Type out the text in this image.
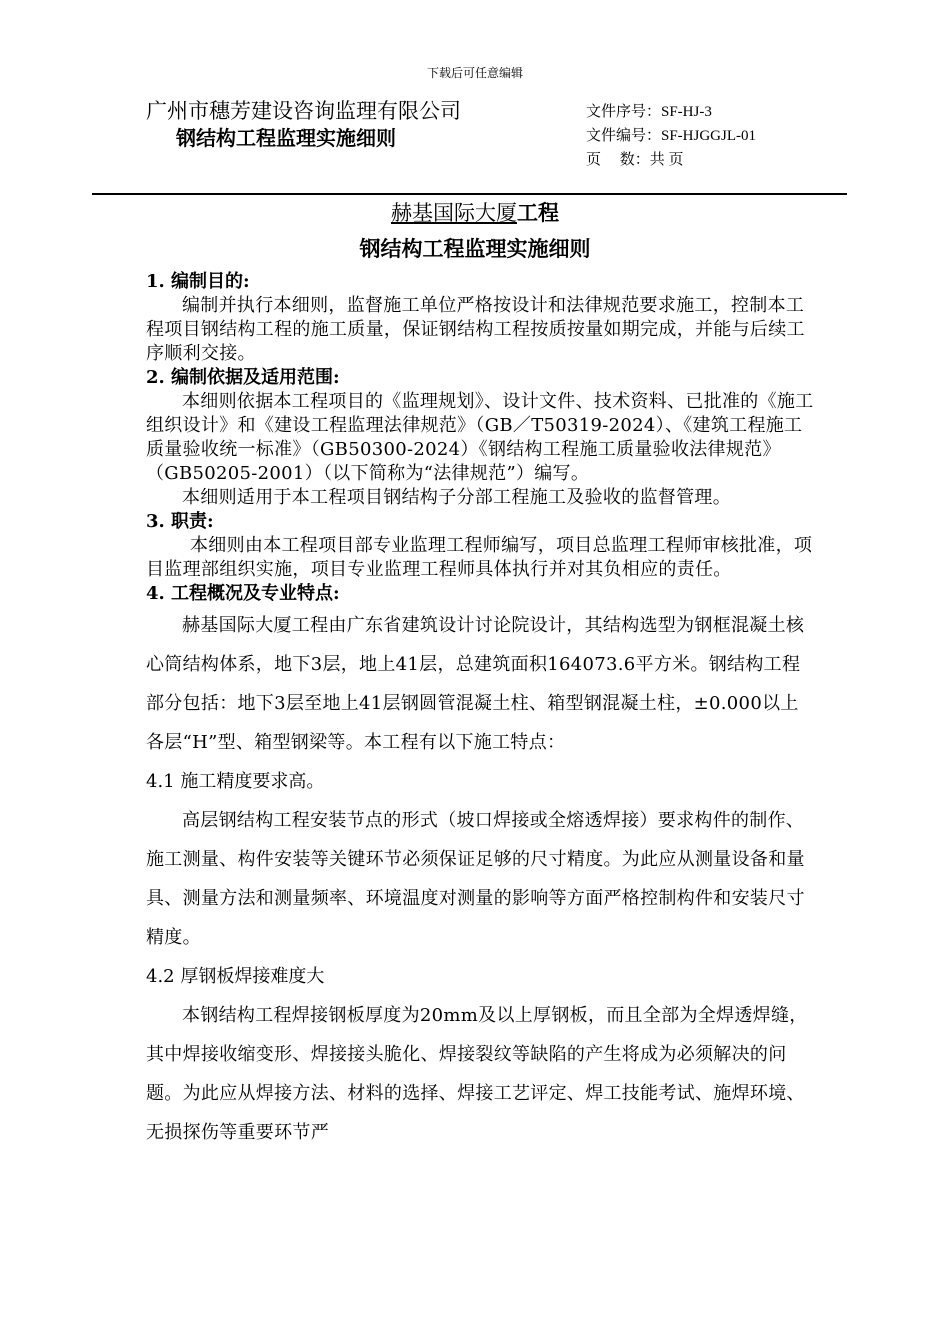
下载后可任意编辑
广州市穗芳建设咨询监理有限公司
钢结构工程监理实施细则
文件序号：SF-HJ-3
文件编号：SF-HJGGJL-01
页　 数：共 页
赫基国际大厦工程
钢结构工程监理实施细则
1. 编制目的:
编制并执行本细则，监督施工单位严格按设计和法律规范要求施工，控制本工程项目钢结构工程的施工质量，保证钢结构工程按质按量如期完成，并能与后续工序顺利交接。
2. 编制依据及适用范围:
本细则依据本工程项目的《监理规划》、设计文件、技术资料、已批准的《施工组织设计》和《建设工程监理法律规范》（GB／T50319-2024）、《建筑工程施工质量验收统一标准》（GB50300-2024）《钢结构工程施工质量验收法律规范》（GB50205-2001）（以下简称为“法律规范”）编写。
本细则适用于本工程项目钢结构子分部工程施工及验收的监督管理。
3. 职责:
本细则由本工程项目部专业监理工程师编写，项目总监理工程师审核批准，项目监理部组织实施，项目专业监理工程师具体执行并对其负相应的责任。
4. 工程概况及专业特点:
赫基国际大厦工程由广东省建筑设计讨论院设计，其结构选型为钢框混凝土核心筒结构体系，地下3层，地上41层，总建筑面积164073.6平方米。钢结构工程部分包括：地下3层至地上41层钢圆管混凝土柱、箱型钢混凝土柱，±0.000以上各层“H”型、箱型钢梁等。本工程有以下施工特点：
4.1 施工精度要求高。
高层钢结构工程安装节点的形式（坡口焊接或全熔透焊接）要求构件的制作、施工测量、构件安装等关键环节必须保证足够的尺寸精度。为此应从测量设备和量具、测量方法和测量频率、环境温度对测量的影响等方面严格控制构件和安装尺寸精度。
4.2 厚钢板焊接难度大
本钢结构工程焊接钢板厚度为20mm及以上厚钢板，而且全部为全焊透焊缝，其中焊接收缩变形、焊接接头脆化、焊接裂纹等缺陷的产生将成为必须解决的问题。为此应从焊接方法、材料的选择、焊接工艺评定、焊工技能考试、施焊环境、无损探伤等重要环节严
